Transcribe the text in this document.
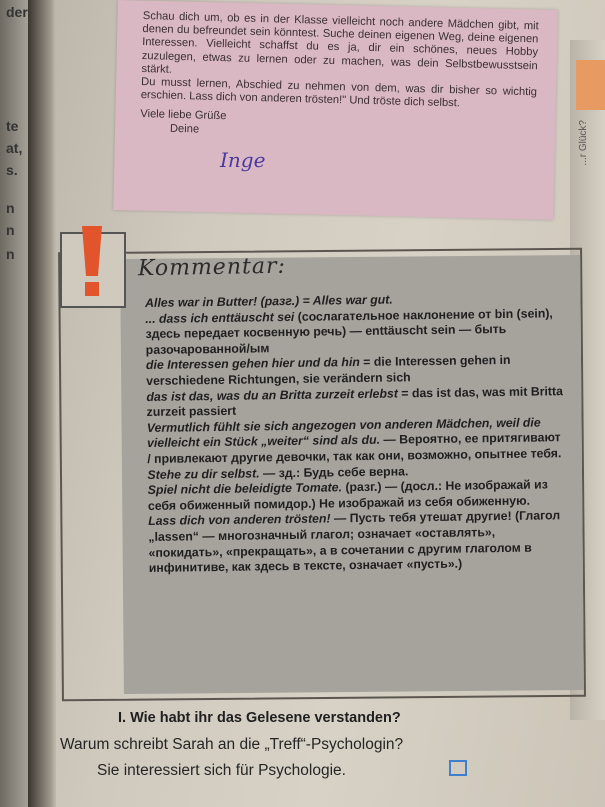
der
te
at,
s.
n
n
n

Schau dich um, ob es in der Klasse vielleicht noch andere Mädchen gibt, mit denen du befreundet sein könntest. Suche deinen eigenen Weg, deine eigenen Interessen. Vielleicht schaffst du es ja, dir ein schönes, neues Hobby zuzulegen, etwas zu lernen oder zu machen, was dein Selbstbewusstsein stärkt.

Du musst lernen, Abschied zu nehmen von dem, was dir bisher so wichtig erschien. Lass dich von anderen trösten!" Und tröste dich selbst.

Viele liebe Grüße

Deine

Inge	...r Glück?
Kommentar:

Alles war in Butter! (разг.) = Alles war gut.

... dass ich enttäuscht sei (сослагательное наклонение от bin (sein), здесь передает косвенную речь) — enttäuscht sein — быть разочарованной/ым

die Interessen gehen hier und da hin = die Interessen gehen in verschiedene Richtungen, sie verändern sich

das ist das, was du an Britta zurzeit erlebst = das ist das, was mit Britta zurzeit passiert

Vermutlich fühlt sie sich angezogen von anderen Mädchen, weil die vielleicht ein Stück „weiter“ sind als du. — Вероятно, ее притягивают / привлекают другие девочки, так как они, возможно, опытнее тебя.

Stehe zu dir selbst. — зд.: Будь себе верна.

Spiel nicht die beleidigte Tomate. (разг.) — (досл.: Не изображай из себя обиженный помидор.) Не изображай из себя обиженную.

Lass dich von anderen trösten! — Пусть тебя утешат другие! (Глагол „lassen“ — многозначный глагол; означает «оставлять», «покидать», «прекращать», а в сочетании с другим глаголом в инфинитиве, как здесь в тексте, означает «пусть».)

I. Wie habt ihr das Gelesene verstanden?
Warum schreibt Sarah an die „Treff“-Psychologin?
Sie interessiert sich für Psychologie.
